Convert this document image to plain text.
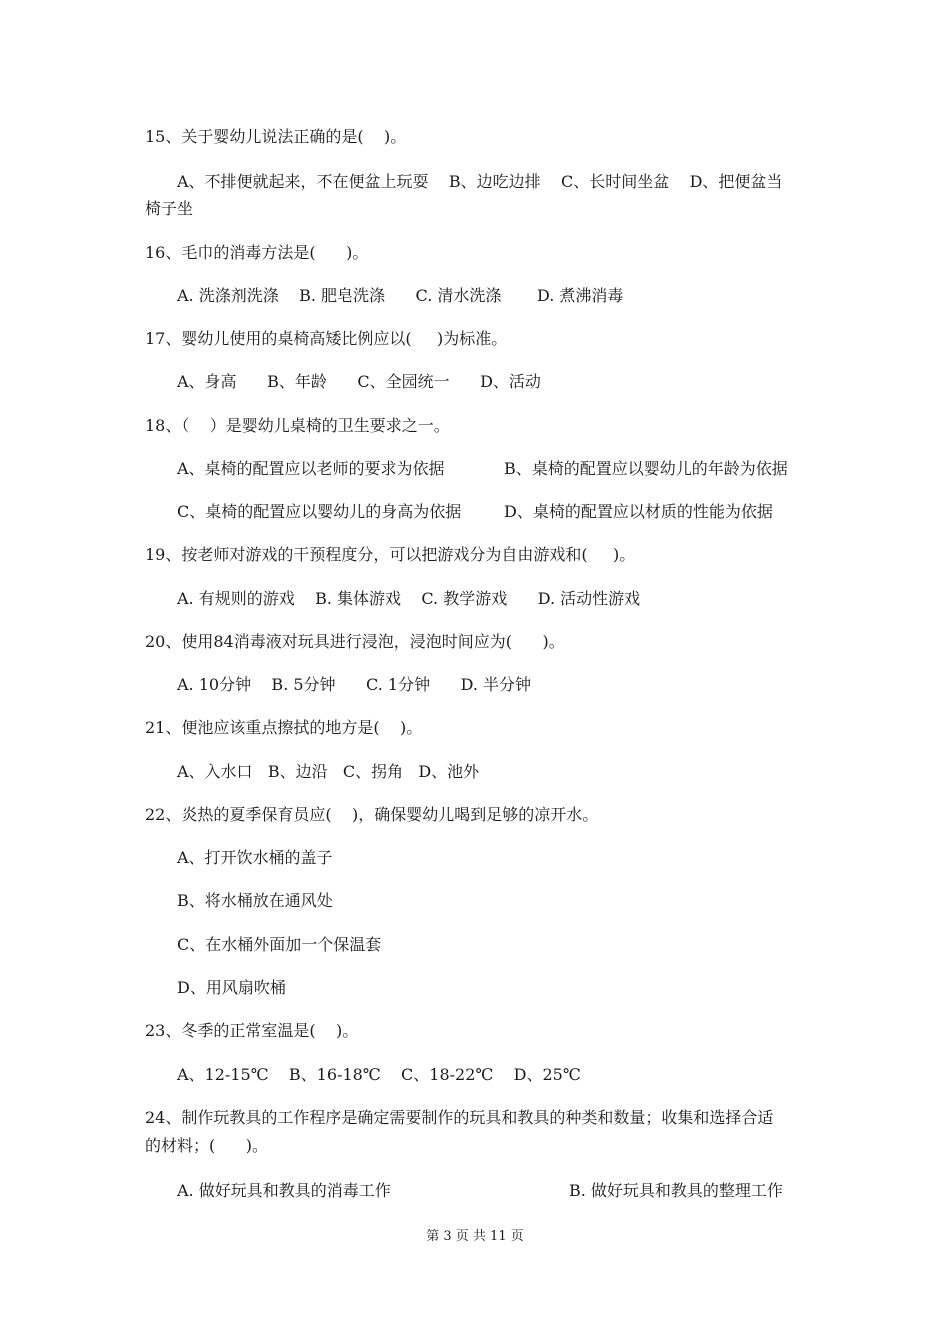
15、关于婴幼儿说法正确的是(    )。
A、不排便就起来，不在便盆上玩耍    B、边吃边排    C、长时间坐盆    D、把便盆当
椅子坐
16、毛巾的消毒方法是(      )。
A. 洗涤剂洗涤    B. 肥皂洗涤      C. 清水洗涤       D. 煮沸消毒
17、婴幼儿使用的桌椅高矮比例应以(     )为标准。
A、身高      B、年龄      C、全园统一      D、活动
18、（    ）是婴幼儿桌椅的卫生要求之一。
A、桌椅的配置应以老师的要求为依据	B、桌椅的配置应以婴幼儿的年龄为依据
C、桌椅的配置应以婴幼儿的身高为依据	D、桌椅的配置应以材质的性能为依据
19、按老师对游戏的干预程度分，可以把游戏分为自由游戏和(     )。
A. 有规则的游戏    B. 集体游戏    C. 教学游戏      D. 活动性游戏
20、使用84消毒液对玩具进行浸泡，浸泡时间应为(      )。
A. 10分钟    B. 5分钟      C. 1分钟      D. 半分钟
21、便池应该重点擦拭的地方是(    )。
A、入水口   B、边沿   C、拐角   D、池外
22、炎热的夏季保育员应(    )，确保婴幼儿喝到足够的凉开水。
A、打开饮水桶的盖子
B、将水桶放在通风处
C、在水桶外面加一个保温套
D、用风扇吹桶
23、冬季的正常室温是(    )。
A、12-15℃    B、16-18℃    C、18-22℃    D、25℃
24、制作玩教具的工作程序是确定需要制作的玩具和教具的种类和数量；收集和选择合适
的材料；(      )。
A. 做好玩具和教具的消毒工作	B. 做好玩具和教具的整理工作
第 3 页 共 11 页
